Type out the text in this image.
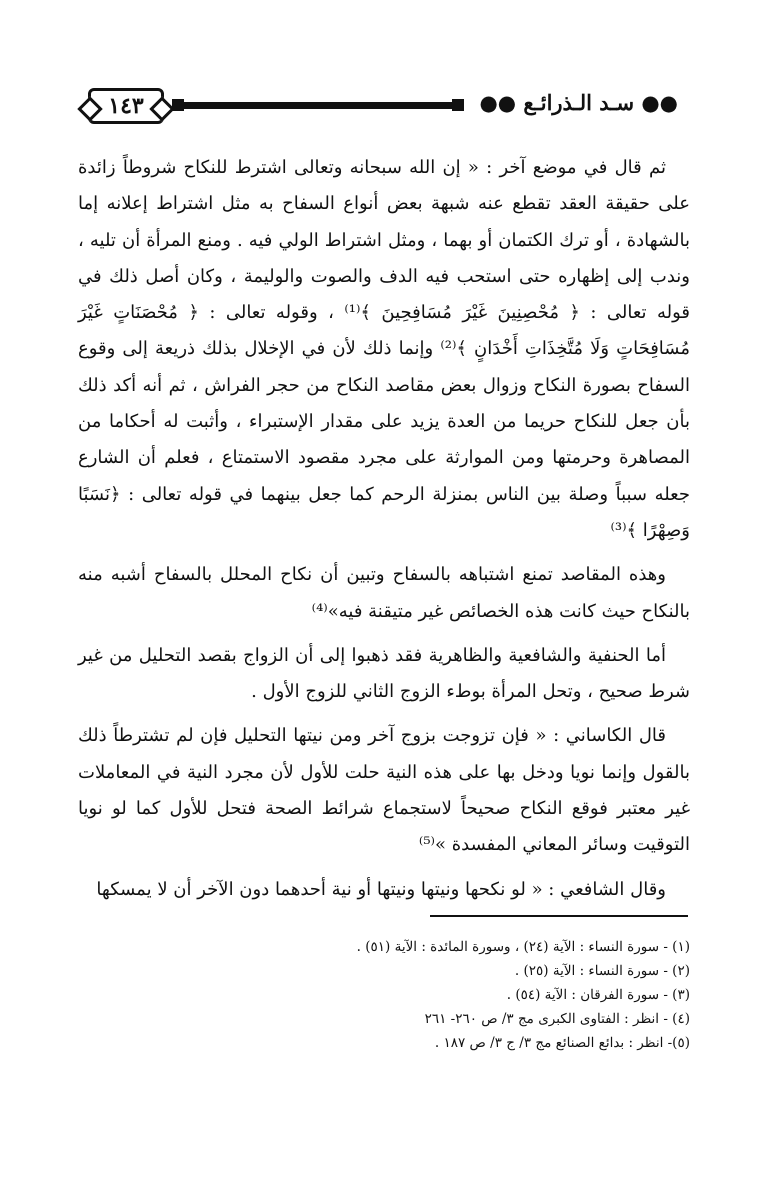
١٤٣	●● سـد الـذرائـع ●●

ثم قال في موضع آخر : « إن الله سبحانه وتعالى اشترط للنكاح شروطاً زائدة على حقيقة العقد تقطع عنه شبهة بعض أنواع السفاح به مثل اشتراط إعلانه إما بالشهادة ، أو ترك الكتمان أو بهما ، ومثل اشتراط الولي فيه . ومنع المرأة أن تليه ، وندب إلى إظهاره حتى استحب فيه الدف والصوت والوليمة ، وكان أصل ذلك في قوله تعالى : ﴿ مُحْصِنِينَ غَيْرَ مُسَافِحِينَ ﴾⁽¹⁾ ، وقوله تعالى : ﴿ مُحْصَنَاتٍ غَيْرَ مُسَافِحَاتٍ وَلَا مُتَّخِذَاتِ أَخْدَانٍ ﴾⁽²⁾ وإنما ذلك لأن في الإخلال بذلك ذريعة إلى وقوع السفاح بصورة النكاح وزوال بعض مقاصد النكاح من حجر الفراش ، ثم أنه أكد ذلك بأن جعل للنكاح حريما من العدة يزيد على مقدار الإستبراء ، وأثبت له أحكاما من المصاهرة وحرمتها ومن الموارثة على مجرد مقصود الاستمتاع ، فعلم أن الشارع جعله سبباً وصلة بين الناس بمنزلة الرحم كما جعل بينهما في قوله تعالى : ﴿نَسَبًا وَصِهْرًا ﴾⁽³⁾

وهذه المقاصد تمنع اشتباهه بالسفاح وتبين أن نكاح المحلل بالسفاح أشبه منه بالنكاح حيث كانت هذه الخصائص غير متيقنة فيه»⁽⁴⁾

أما الحنفية والشافعية والظاهرية فقد ذهبوا إلى أن الزواج بقصد التحليل من غير شرط صحيح ، وتحل المرأة بوطء الزوج الثاني للزوج الأول .

قال الكاساني : « فإن تزوجت بزوج آخر ومن نيتها التحليل فإن لم تشترطاً ذلك بالقول وإنما نويا ودخل بها على هذه النية حلت للأول لأن مجرد النية في المعاملات غير معتبر فوقع النكاح صحيحاً لاستجماع شرائط الصحة فتحل للأول كما لو نويا التوقيت وسائر المعاني المفسدة »⁽⁵⁾

وقال الشافعي : « لو نكحها ونيتها ونيتها أو نية أحدهما دون الآخر أن لا يمسكها

(١) - سورة النساء : الآية (٢٤) ، وسورة المائدة : الآية (٥١) .
(٢) - سورة النساء : الآية (٢٥) .
(٣) - سورة الفرقان : الآية (٥٤) .
(٤) - انظر : الفتاوى الكبرى مج ٣/ ص ٢٦٠- ٢٦١
(٥)- انظر : بدائع الصنائع مج ٣/ ج ٣/ ص ١٨٧ .
